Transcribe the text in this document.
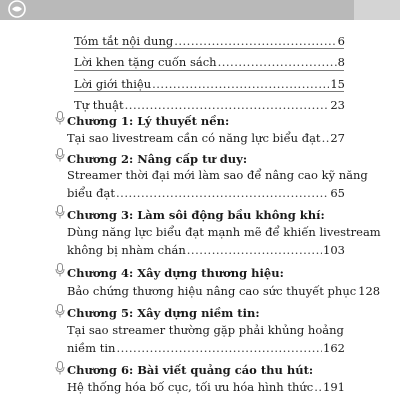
Tóm tắt nội dung .....	6
Lời khen tặng cuốn sách .....	8
Lời giới thiệu .....	15
Tự thuật .....	23
Chương 1: Lý thuyết nền:
Tại sao livestream cần có năng lực biểu đạt ..... 27
Chương 2: Nâng cấp tư duy:
Streamer thời đại mới làm sao để nâng cao kỹ năng
biểu đạt .....	65
Chương 3: Làm sôi động bầu không khí:
Dùng năng lực biểu đạt mạnh mẽ để khiến livestream
không bị nhàm chán .....	103
Chương 4: Xây dựng thương hiệu:
Bảo chứng thương hiệu nâng cao sức thuyết phục 128
Chương 5: Xây dựng niềm tin:
Tại sao streamer thường gặp phải khủng hoảng
niềm tin .....	162
Chương 6: Bài viết quảng cáo thu hút:
Hệ thống hóa bố cục, tối ưu hóa hình thức ..... 191
